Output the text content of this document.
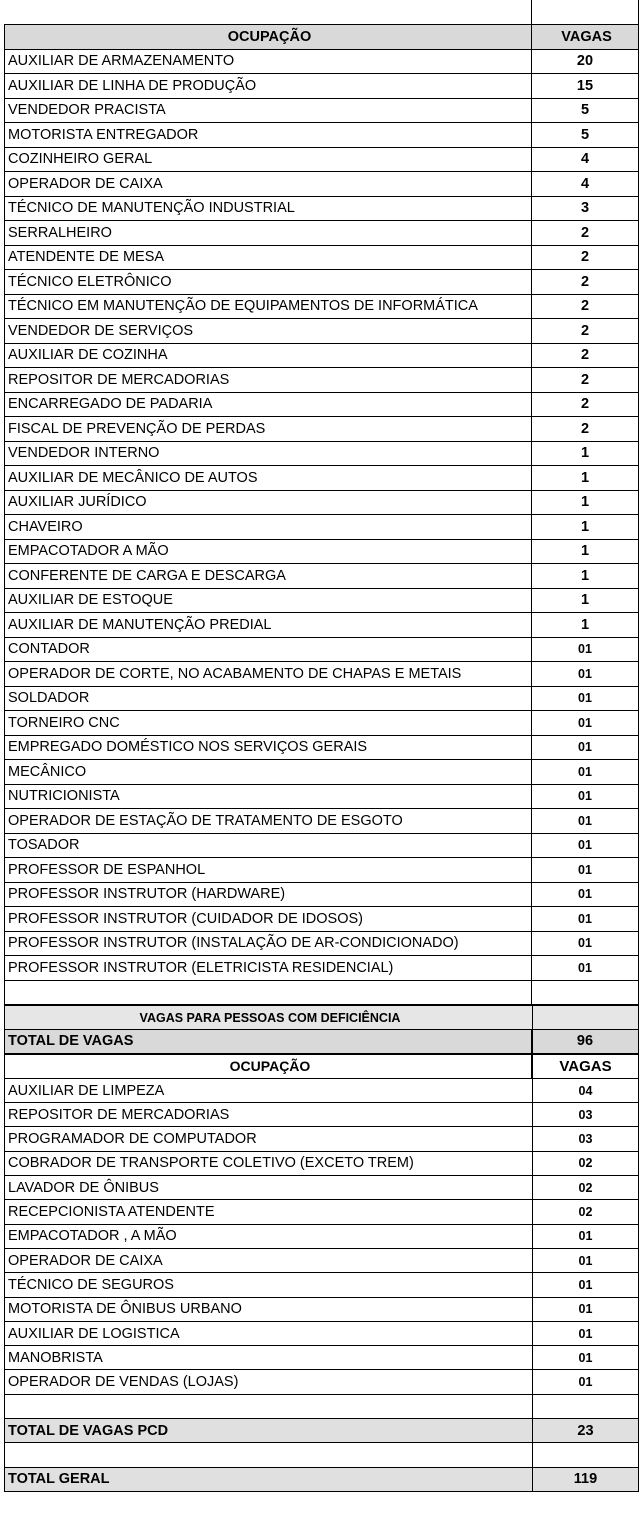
OCUPAÇÃO	VAGAS
AUXILIAR DE ARMAZENAMENTO	20
AUXILIAR DE LINHA DE PRODUÇÃO	15
VENDEDOR PRACISTA	5
MOTORISTA ENTREGADOR	5
COZINHEIRO GERAL	4
OPERADOR DE CAIXA	4
TÉCNICO DE MANUTENÇÃO INDUSTRIAL	3
SERRALHEIRO	2
ATENDENTE DE MESA	2
TÉCNICO ELETRÔNICO	2
TÉCNICO EM MANUTENÇÃO DE EQUIPAMENTOS DE INFORMÁTICA	2
VENDEDOR DE SERVIÇOS	2
AUXILIAR DE COZINHA	2
REPOSITOR DE MERCADORIAS	2
ENCARREGADO DE PADARIA	2
FISCAL DE PREVENÇÃO DE PERDAS	2
VENDEDOR INTERNO	1
AUXILIAR DE MECÂNICO DE AUTOS	1
AUXILIAR JURÍDICO	1
CHAVEIRO	1
EMPACOTADOR A MÃO	1
CONFERENTE DE CARGA E DESCARGA	1
AUXILIAR DE ESTOQUE	1
AUXILIAR DE MANUTENÇÃO PREDIAL	1
CONTADOR	01
OPERADOR DE CORTE, NO ACABAMENTO DE CHAPAS E METAIS	01
SOLDADOR	01
TORNEIRO CNC	01
EMPREGADO DOMÉSTICO NOS SERVIÇOS GERAIS	01
MECÂNICO	01
NUTRICIONISTA	01
OPERADOR DE ESTAÇÃO DE TRATAMENTO DE ESGOTO	01
TOSADOR	01
PROFESSOR DE ESPANHOL	01
PROFESSOR INSTRUTOR (HARDWARE)	01
PROFESSOR INSTRUTOR (CUIDADOR DE IDOSOS)	01
PROFESSOR INSTRUTOR (INSTALAÇÃO DE AR-CONDICIONADO)	01
PROFESSOR INSTRUTOR (ELETRICISTA RESIDENCIAL)	01

TOTAL DE VAGAS	96

VAGAS PARA PESSOAS COM DEFICIÊNCIA	

OCUPAÇÃO	VAGAS
AUXILIAR DE LIMPEZA	04
REPOSITOR DE MERCADORIAS	03
PROGRAMADOR DE COMPUTADOR	03
COBRADOR DE TRANSPORTE COLETIVO (EXCETO TREM)	02
LAVADOR DE ÔNIBUS	02
RECEPCIONISTA ATENDENTE	02
EMPACOTADOR , A MÃO	01
OPERADOR DE CAIXA	01
TÉCNICO DE SEGUROS	01
MOTORISTA DE ÔNIBUS URBANO	01
AUXILIAR DE LOGISTICA	01
MANOBRISTA	01
OPERADOR DE VENDAS (LOJAS)	01

TOTAL DE VAGAS PCD	23

TOTAL GERAL	119
